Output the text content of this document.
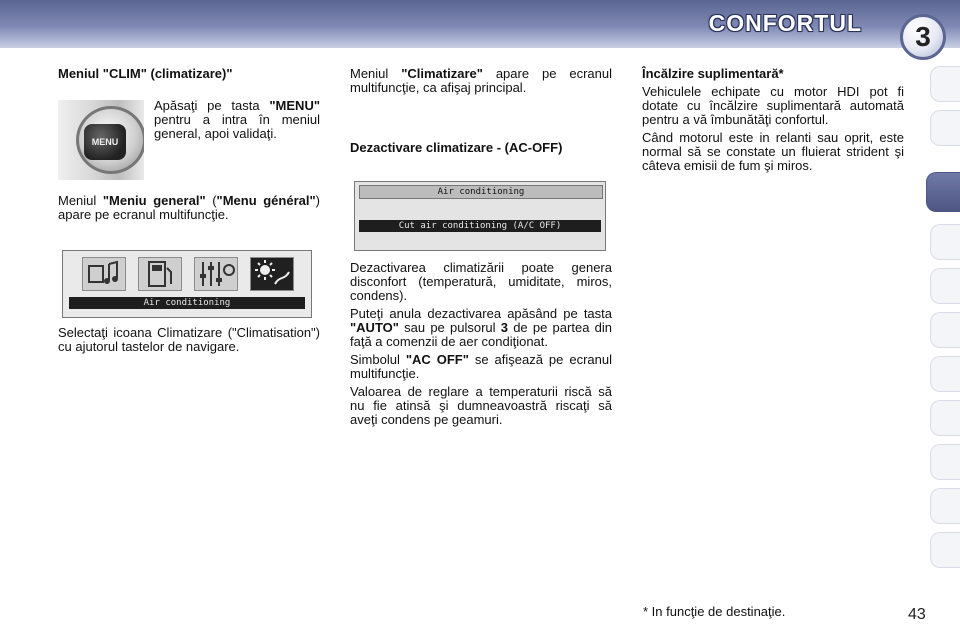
CONFORTUL	3

Meniul "CLIM" (climatizare)"

MENU

Apăsaţi pe tasta "MENU" pentru a intra în meniul general, apoi validaţi.

Meniul "Meniu general" ("Menu général") apare pe ecranul multifuncţie.

Air conditioning

Selectaţi icoana Climatizare ("Climatisation") cu ajutorul tastelor de navigare.

Meniul "Climatizare" apare pe ecranul multifuncţie, ca afişaj principal.

Dezactivare climatizare - (AC-OFF)

Air conditioning
Cut air conditioning (A/C OFF)

Dezactivarea climatizării poate genera disconfort (temperatură, umiditate, miros, condens).

Puteţi anula dezactivarea apăsând pe tasta "AUTO" sau pe pulsorul 3 de pe partea din faţă a comenzii de aer condiţionat.

Simbolul "AC OFF" se afişează pe ecranul multifuncţie.

Valoarea de reglare a temperaturii riscă să nu fie atinsă şi dumneavoastră riscaţi să aveţi condens pe geamuri.

Încălzire suplimentară*

Vehiculele echipate cu motor HDI pot fi dotate cu încălzire suplimentară automată pentru a vă îmbunătăţi confortul.

Când motorul este in relanti sau oprit, este normal să se constate un fluierat strident şi câteva emisii de fum şi miros.

* In funcţie de destinaţie.	43
